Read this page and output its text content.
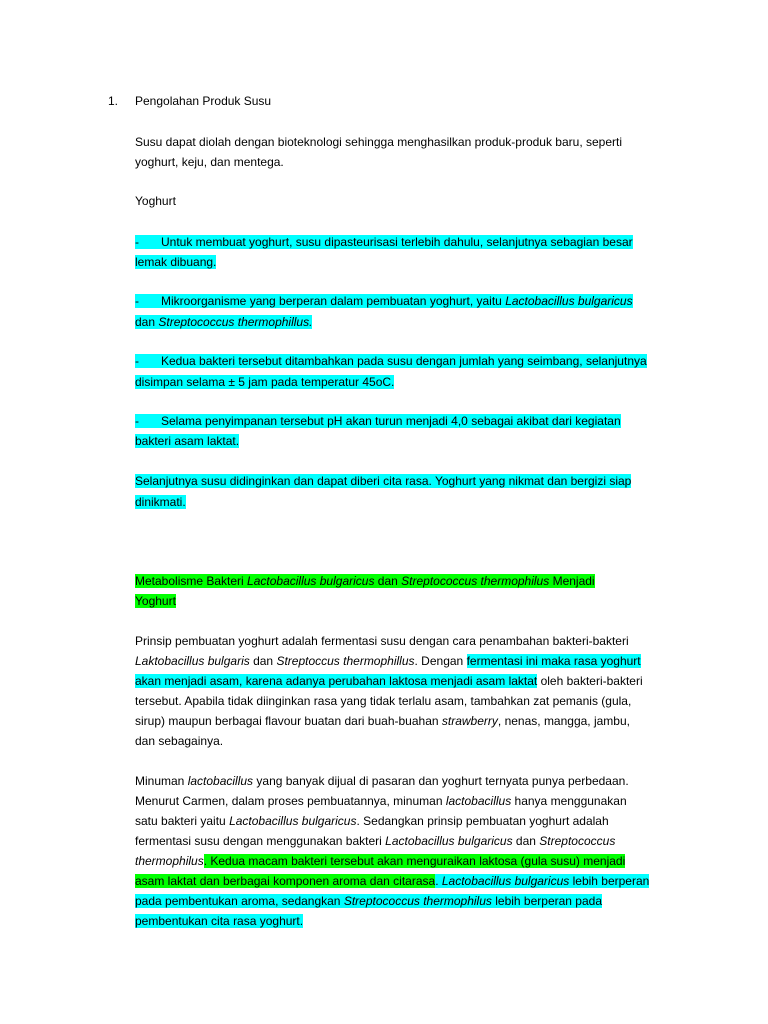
1. Pengolahan Produk Susu
Susu dapat diolah dengan bioteknologi sehingga menghasilkan produk-produk baru, seperti
yoghurt, keju, dan mentega.
Yoghurt
- Untuk membuat yoghurt, susu dipasteurisasi terlebih dahulu, selanjutnya sebagian besar
lemak dibuang.
- Mikroorganisme yang berperan dalam pembuatan yoghurt, yaitu Lactobacillus bulgaricus
dan Streptococcus thermophillus.
- Kedua bakteri tersebut ditambahkan pada susu dengan jumlah yang seimbang, selanjutnya
disimpan selama ± 5 jam pada temperatur 45oC.
- Selama penyimpanan tersebut pH akan turun menjadi 4,0 sebagai akibat dari kegiatan
bakteri asam laktat.
Selanjutnya susu didinginkan dan dapat diberi cita rasa. Yoghurt yang nikmat dan bergizi siap
dinikmati.
Metabolisme Bakteri Lactobacillus bulgaricus dan Streptococcus thermophilus Menjadi
Yoghurt
Prinsip pembuatan yoghurt adalah fermentasi susu dengan cara penambahan bakteri-bakteri
Laktobacillus bulgaris dan Streptoccus thermophillus. Dengan fermentasi ini maka rasa yoghurt
akan menjadi asam, karena adanya perubahan laktosa menjadi asam laktat oleh bakteri-bakteri
tersebut. Apabila tidak diinginkan rasa yang tidak terlalu asam, tambahkan zat pemanis (gula,
sirup) maupun berbagai flavour buatan dari buah-buahan strawberry, nenas, mangga, jambu,
dan sebagainya.
Minuman lactobacillus yang banyak dijual di pasaran dan yoghurt ternyata punya perbedaan.
Menurut Carmen, dalam proses pembuatannya, minuman lactobacillus hanya menggunakan
satu bakteri yaitu Lactobacillus bulgaricus. Sedangkan prinsip pembuatan yoghurt adalah
fermentasi susu dengan menggunakan bakteri Lactobacillus bulgaricus dan Streptococcus
thermophilus. Kedua macam bakteri tersebut akan menguraikan laktosa (gula susu) menjadi
asam laktat dan berbagai komponen aroma dan citarasa. Lactobacillus bulgaricus lebih berperan
pada pembentukan aroma, sedangkan Streptococcus thermophilus lebih berperan pada
pembentukan cita rasa yoghurt.
